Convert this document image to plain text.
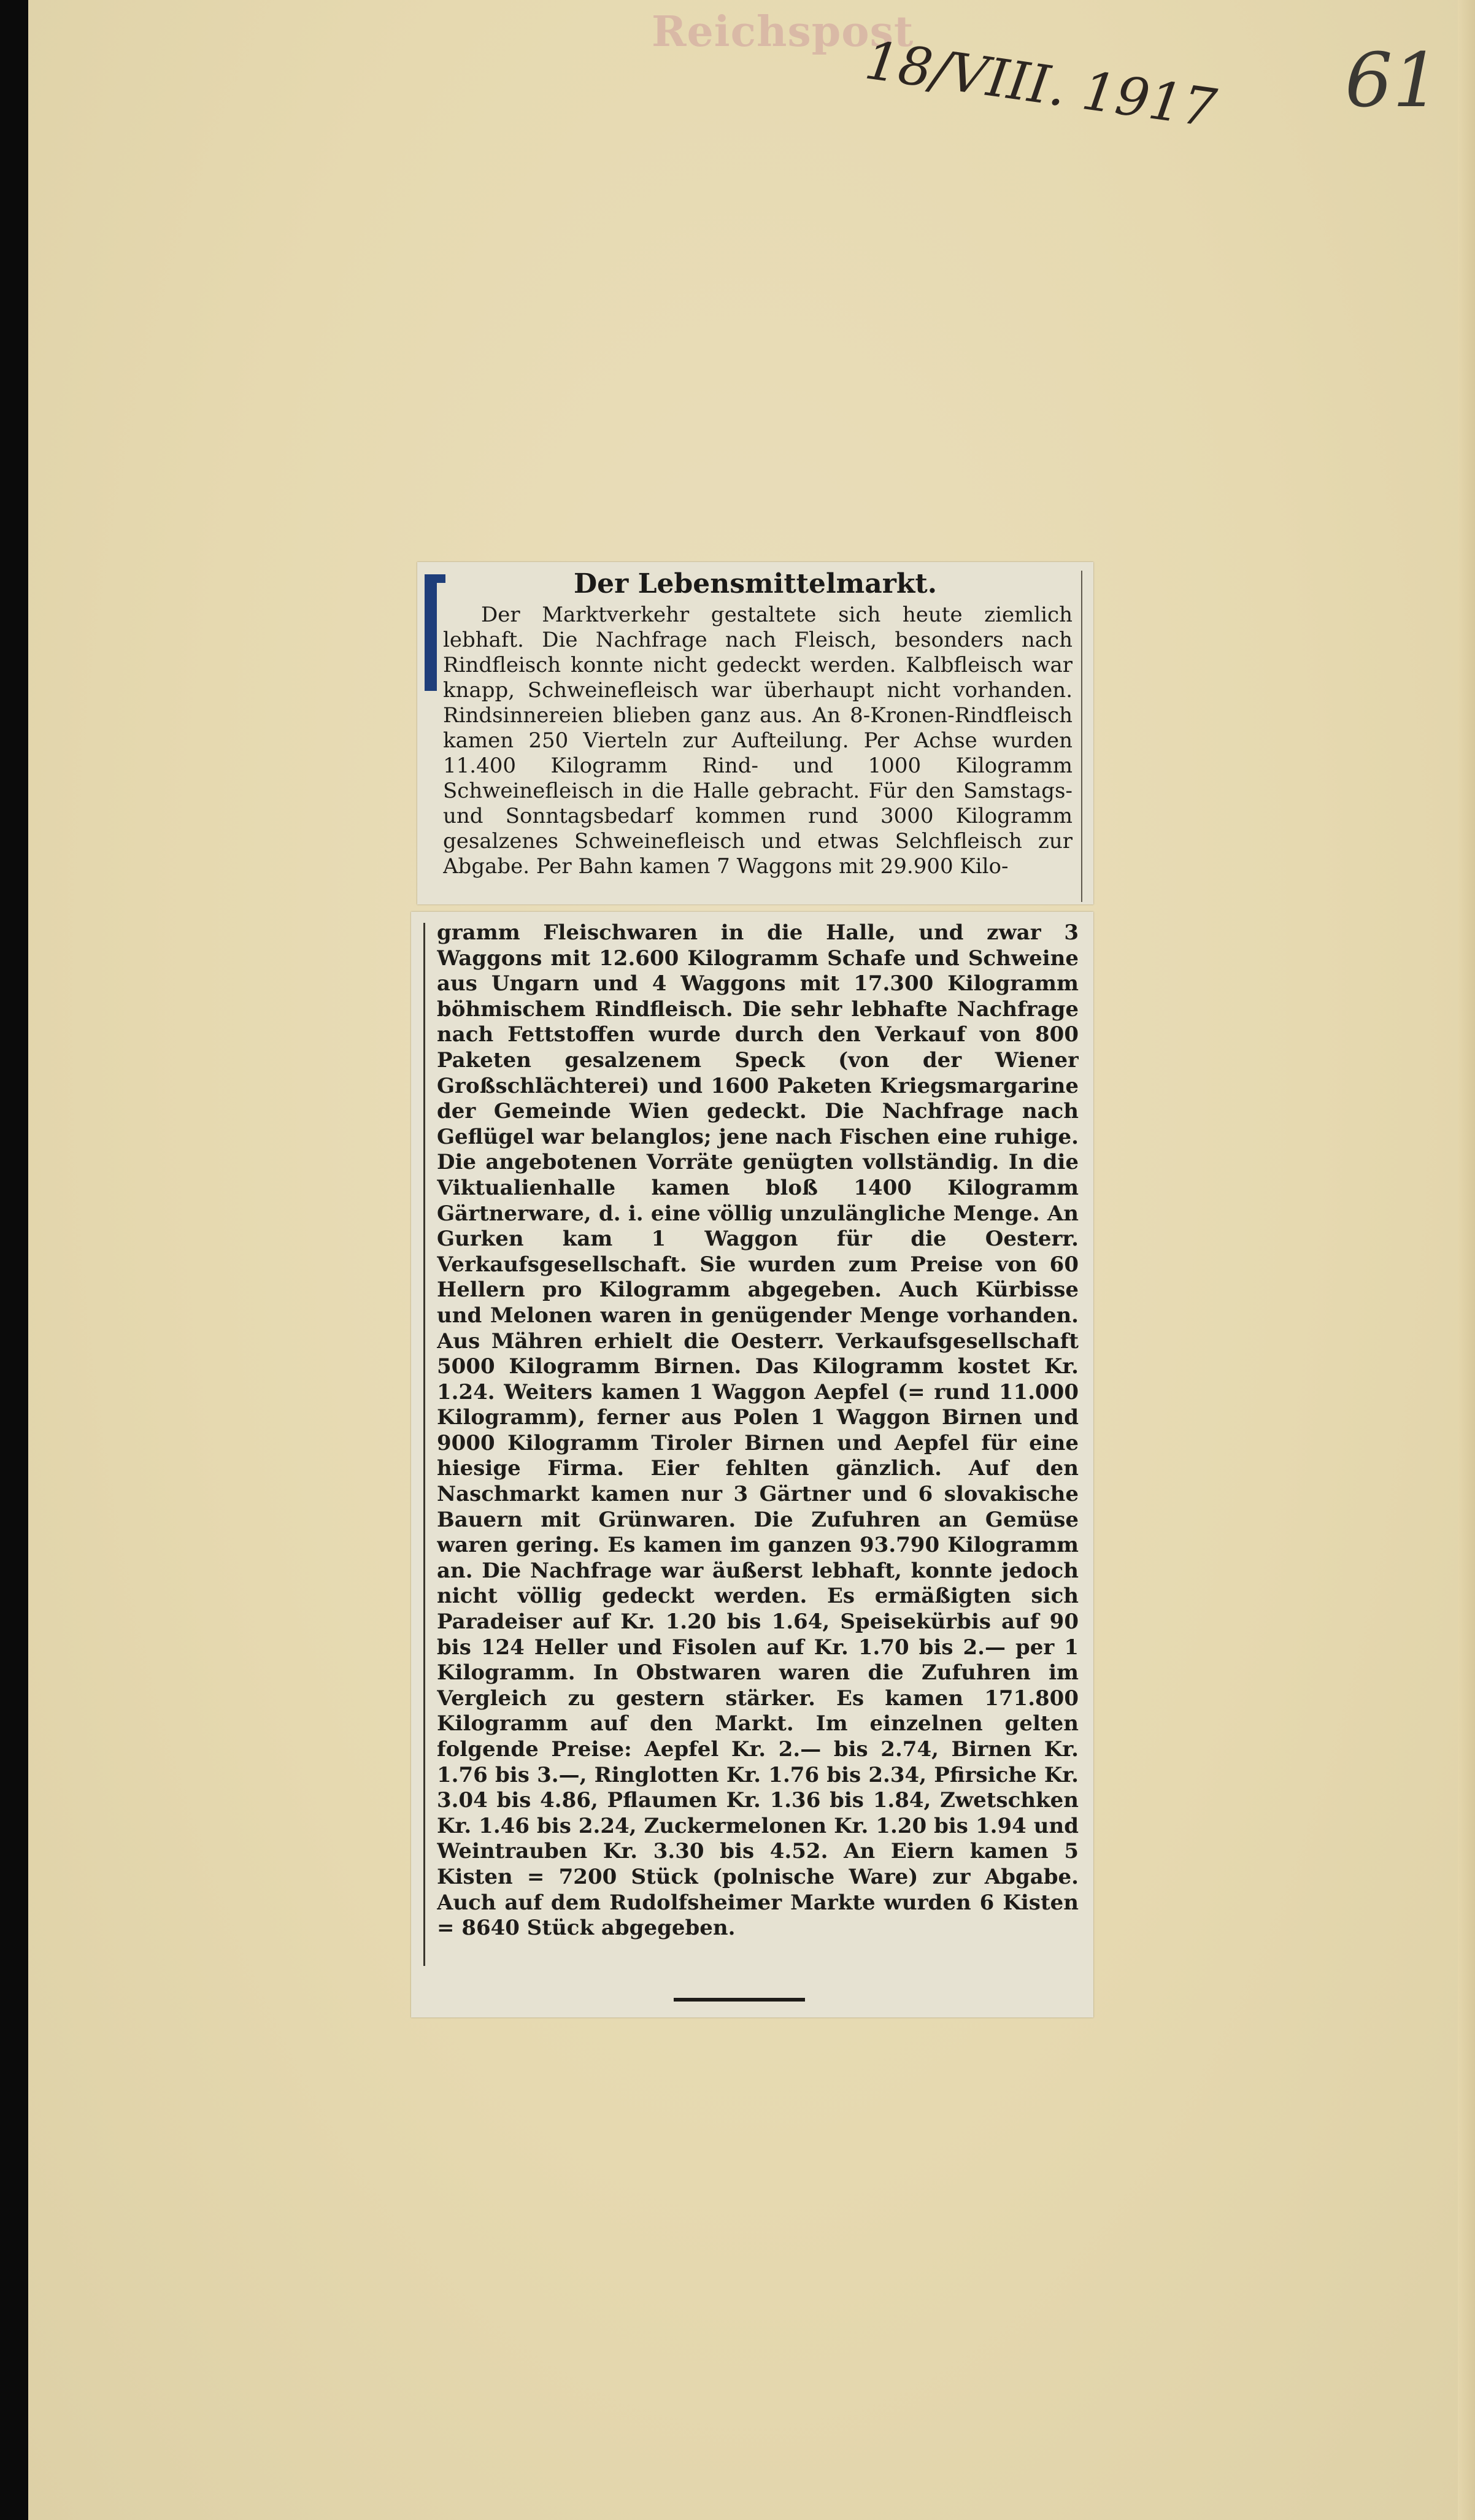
Reichspost
18/VIII. 1917 61
Der Lebensmittelmarkt.
Der Marktverkehr gestaltete sich heute ziemlich lebhaft. Die Nachfrage nach Fleisch, besonders nach Rindfleisch konnte nicht gedeckt werden. Kalbfleisch war knapp, Schweinefleisch war überhaupt nicht vorhanden. Rindsinnereien blieben ganz aus. An 8-Kronen-Rindfleisch kamen 250 Vierteln zur Aufteilung. Per Achse wurden 11.400 Kilogramm Rind- und 1000 Kilogramm Schweinefleisch in die Halle gebracht. Für den Samstags- und Sonntagsbedarf kommen rund 3000 Kilogramm gesalzenes Schweinefleisch und etwas Selchfleisch zur Abgabe. Per Bahn kamen 7 Waggons mit 29.900 Kilo-
gramm Fleischwaren in die Halle, und zwar 3 Waggons mit 12.600 Kilogramm Schafe und Schweine aus Ungarn und 4 Waggons mit 17.300 Kilogramm böhmischem Rindfleisch. Die sehr lebhafte Nachfrage nach Fettstoffen wurde durch den Verkauf von 800 Paketen gesalzenem Speck (von der Wiener Großschlächterei) und 1600 Paketen Kriegsmargarine der Gemeinde Wien gedeckt. Die Nachfrage nach Geflügel war belanglos; jene nach Fischen eine ruhige. Die angebotenen Vorräte genügten vollständig. In die Viktualienhalle kamen bloß 1400 Kilogramm Gärtnerware, d. i. eine völlig unzulängliche Menge. An Gurken kam 1 Waggon für die Oesterr. Verkaufsgesellschaft. Sie wurden zum Preise von 60 Hellern pro Kilogramm abgegeben. Auch Kürbisse und Melonen waren in genügender Menge vorhanden. Aus Mähren erhielt die Oesterr. Verkaufsgesellschaft 5000 Kilogramm Birnen. Das Kilogramm kostet Kr. 1.24. Weiters kamen 1 Waggon Aepfel (= rund 11.000 Kilogramm), ferner aus Polen 1 Waggon Birnen und 9000 Kilogramm Tiroler Birnen und Aepfel für eine hiesige Firma. Eier fehlten gänzlich. Auf den Naschmarkt kamen nur 3 Gärtner und 6 slovakische Bauern mit Grünwaren. Die Zufuhren an Gemüse waren gering. Es kamen im ganzen 93.790 Kilogramm an. Die Nachfrage war äußerst lebhaft, konnte jedoch nicht völlig gedeckt werden. Es ermäßigten sich Paradeiser auf Kr. 1.20 bis 1.64, Speisekürbis auf 90 bis 124 Heller und Fisolen auf Kr. 1.70 bis 2.— per 1 Kilogramm. In Obstwaren waren die Zufuhren im Vergleich zu gestern stärker. Es kamen 171.800 Kilogramm auf den Markt. Im einzelnen gelten folgende Preise: Aepfel Kr. 2.— bis 2.74, Birnen Kr. 1.76 bis 3.—, Ringlotten Kr. 1.76 bis 2.34, Pfirsiche Kr. 3.04 bis 4.86, Pflaumen Kr. 1.36 bis 1.84, Zwetschken Kr. 1.46 bis 2.24, Zuckermelonen Kr. 1.20 bis 1.94 und Weintrauben Kr. 3.30 bis 4.52. An Eiern kamen 5 Kisten = 7200 Stück (polnische Ware) zur Abgabe. Auch auf dem Rudolfsheimer Markte wurden 6 Kisten = 8640 Stück abgegeben.
